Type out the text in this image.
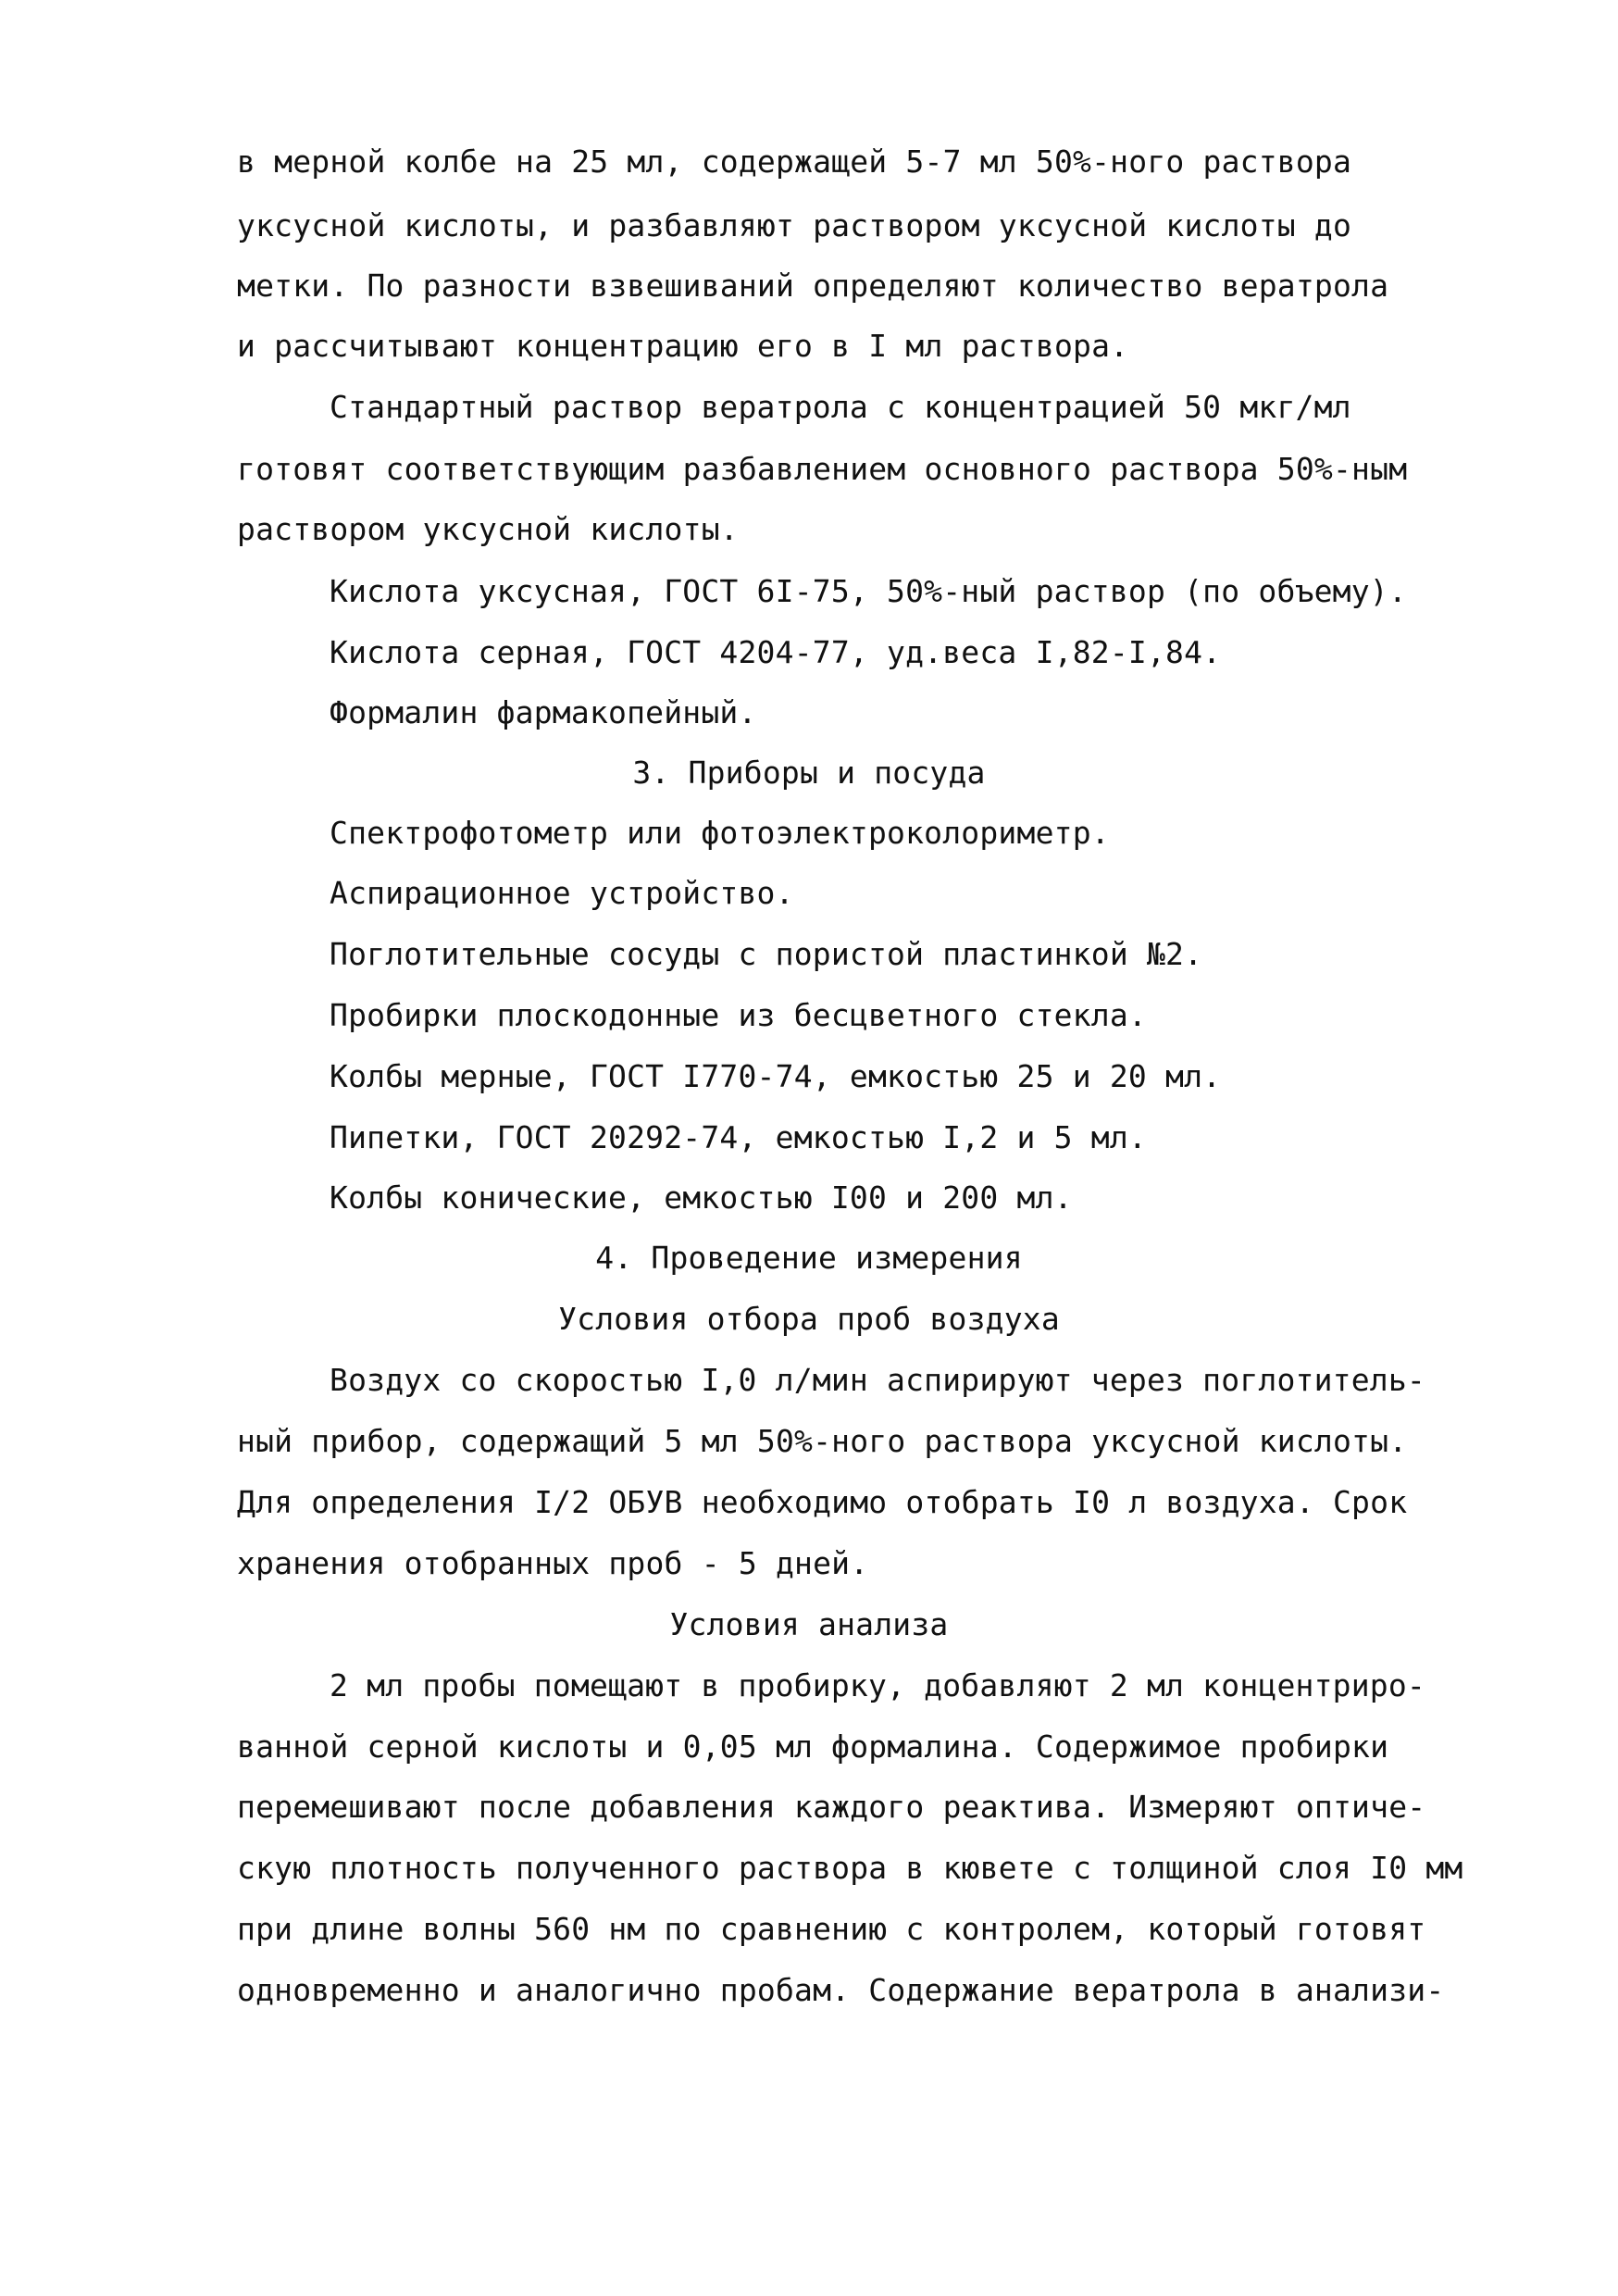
в мерной колбе на 25 мл, содержащей 5-7 мл 50%-ного раствора
уксусной кислоты, и разбавляют раствором уксусной кислоты до
метки. По разности взвешиваний определяют количество вератрола
и рассчитывают концентрацию его в I мл раствора.
Стандартный раствор вератрола с концентрацией 50 мкг/мл
готовят соответствующим разбавлением основного раствора 50%-ным
раствором уксусной кислоты.
Кислота уксусная, ГОСТ 6I-75, 50%-ный раствор (по объему).
Кислота серная, ГОСТ 4204-77, уд.веса I,82-I,84.
Формалин фармакопейный.
3. Приборы и посуда
Спектрофотометр или фотоэлектроколориметр.
Аспирационное устройство.
Поглотительные сосуды с пористой пластинкой №2.
Пробирки плоскодонные из бесцветного стекла.
Колбы мерные, ГОСТ I770-74, емкостью 25 и 20 мл.
Пипетки, ГОСТ 20292-74, емкостью I,2 и 5 мл.
Колбы конические, емкостью I00 и 200 мл.
4. Проведение измерения
Условия отбора проб воздуха
Воздух со скоростью I,0 л/мин аспирируют через поглотитель-
ный прибор, содержащий 5 мл 50%-ного раствора уксусной кислоты.
Для определения I/2 ОБУВ необходимо отобрать I0 л воздуха. Срок
хранения отобранных проб - 5 дней.
Условия анализа
2 мл пробы помещают в пробирку, добавляют 2 мл концентриро-
ванной серной кислоты и 0,05 мл формалина. Содержимое пробирки
перемешивают после добавления каждого реактива. Измеряют оптиче-
скую плотность полученного раствора в кювете с толщиной слоя I0 мм
при длине волны 560 нм по сравнению с контролем, который готовят
одновременно и аналогично пробам. Содержание вератрола в анализи-
